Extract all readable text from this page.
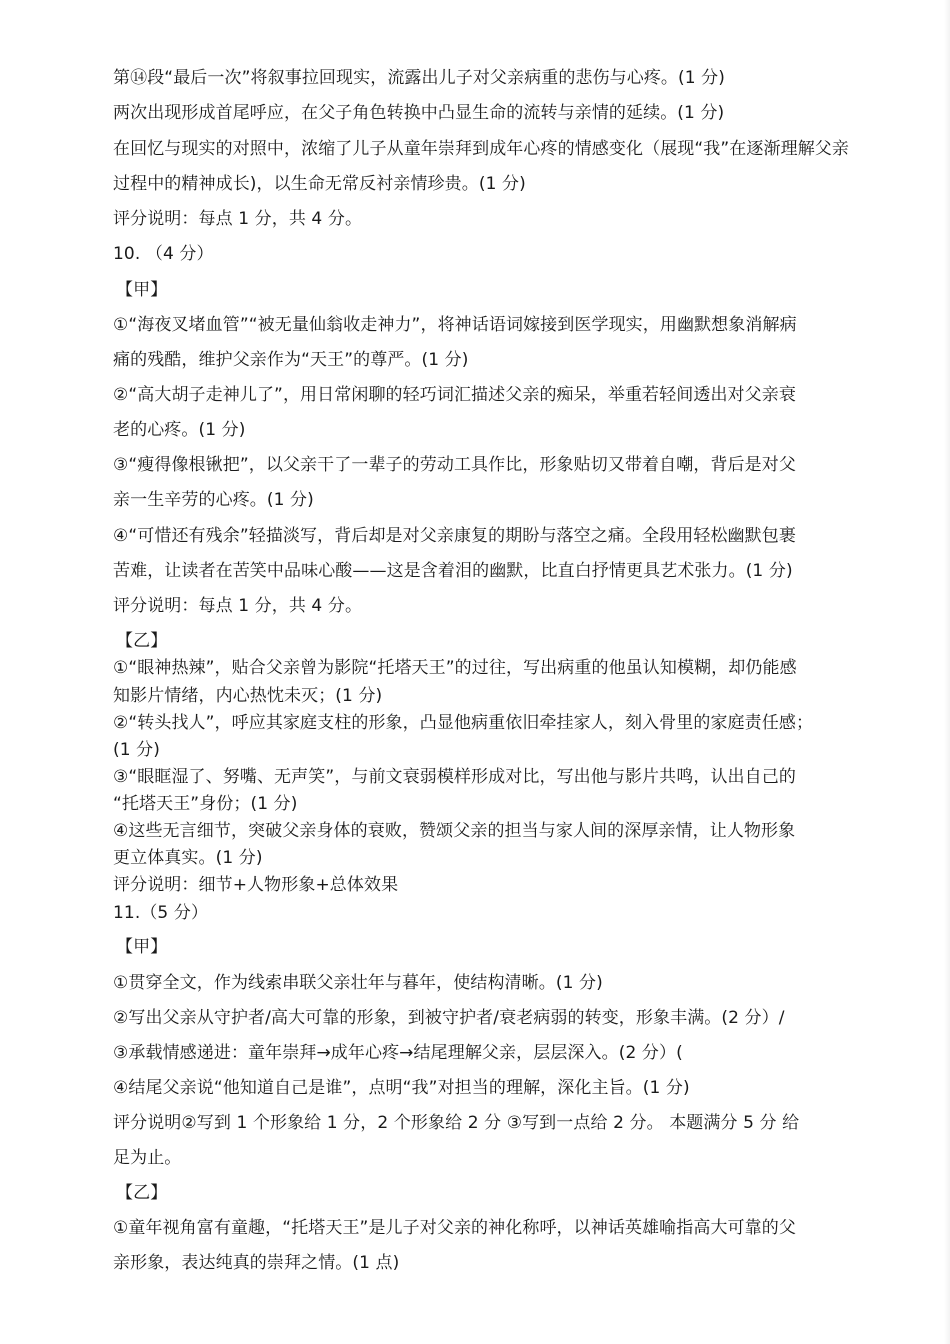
第⑭段“最后一次”将叙事拉回现实，流露出儿子对父亲病重的悲伤与心疼。(1 分)
两次出现形成首尾呼应，在父子角色转换中凸显生命的流转与亲情的延续。(1 分)
在回忆与现实的对照中，浓缩了儿子从童年崇拜到成年心疼的情感变化（展现“我”在逐渐理解父亲
过程中的精神成长)，以生命无常反衬亲情珍贵。(1 分)
评分说明：每点 1 分，共 4 分。
10. （4 分）
【甲】
①“海夜叉堵血管”“被无量仙翁收走神力”，将神话语词嫁接到医学现实，用幽默想象消解病
痛的残酷，维护父亲作为“天王”的尊严。(1 分)
②“高大胡子走神儿了”，用日常闲聊的轻巧词汇描述父亲的痴呆，举重若轻间透出对父亲衰
老的心疼。(1 分)
③“瘦得像根锹把”，以父亲干了一辈子的劳动工具作比，形象贴切又带着自嘲，背后是对父
亲一生辛劳的心疼。(1 分)
④“可惜还有残余”轻描淡写，背后却是对父亲康复的期盼与落空之痛。全段用轻松幽默包裹
苦难，让读者在苦笑中品味心酸——这是含着泪的幽默，比直白抒情更具艺术张力。(1 分)
评分说明：每点 1 分，共 4 分。
【乙】
①“眼神热辣”，贴合父亲曾为影院“托塔天王”的过往，写出病重的他虽认知模糊，却仍能感
知影片情绪，内心热忱未灭；(1 分)
②“转头找人”，呼应其家庭支柱的形象，凸显他病重依旧牵挂家人，刻入骨里的家庭责任感；
(1 分)
③“眼眶湿了、努嘴、无声笑”，与前文衰弱模样形成对比，写出他与影片共鸣，认出自己的
“托塔天王”身份；(1 分)
④这些无言细节，突破父亲身体的衰败，赞颂父亲的担当与家人间的深厚亲情，让人物形象
更立体真实。(1 分)
评分说明：细节+人物形象+总体效果
11.（5 分）
【甲】
①贯穿全文，作为线索串联父亲壮年与暮年，使结构清晰。(1 分)
②写出父亲从守护者/高大可靠的形象，到被守护者/衰老病弱的转变，形象丰满。(2 分）/
③承载情感递进：童年崇拜→成年心疼→结尾理解父亲，层层深入。(2 分）(
④结尾父亲说“他知道自己是谁”，点明“我”对担当的理解，深化主旨。(1 分)
评分说明②写到 1 个形象给 1 分，2 个形象给 2 分 ③写到一点给 2 分。 本题满分 5 分 给
足为止。
【乙】
①童年视角富有童趣，“托塔天王”是儿子对父亲的神化称呼，以神话英雄喻指高大可靠的父
亲形象，表达纯真的崇拜之情。(1 点)
